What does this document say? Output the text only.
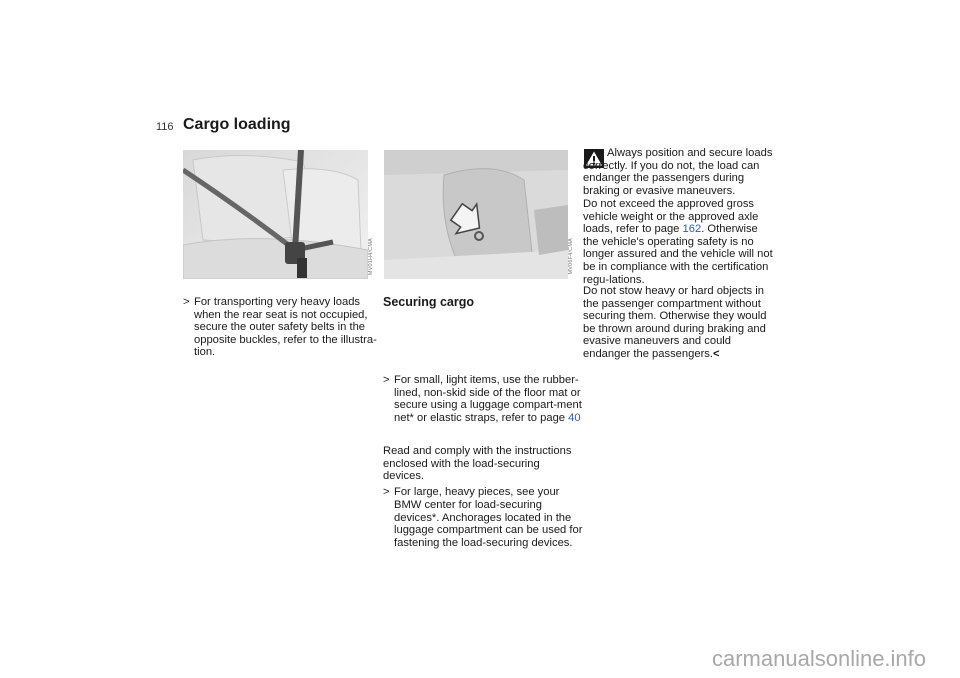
116 Cargo loading
MV01H4/CMA	MV06F4/CMA
> For transporting very heavy loads when the rear seat is not occupied, secure the outer safety belts in the opposite buckles, refer to the illustra-tion.
Securing cargo
> For small, light items, use the rubber-lined, non-skid side of the floor mat or secure using a luggage compart-ment net* or elastic straps, refer to page 40
> For large, heavy pieces, see your BMW center for load-securing devices*. Anchorages located in the luggage compartment can be used for fastening the load-securing devices.
Read and comply with the instructions enclosed with the load-securing devices.
Always position and secure loads correctly. If you do not, the load can endanger the passengers during braking or evasive maneuvers.
Do not exceed the approved gross vehicle weight or the approved axle loads, refer to page 162. Otherwise the vehicle's operating safety is no longer assured and the vehicle will not be in compliance with the certification regu-lations.
Do not stow heavy or hard objects in the passenger compartment without securing them. Otherwise they would be thrown around during braking and evasive maneuvers and could endanger the passengers.<
carmanualsonline.info
